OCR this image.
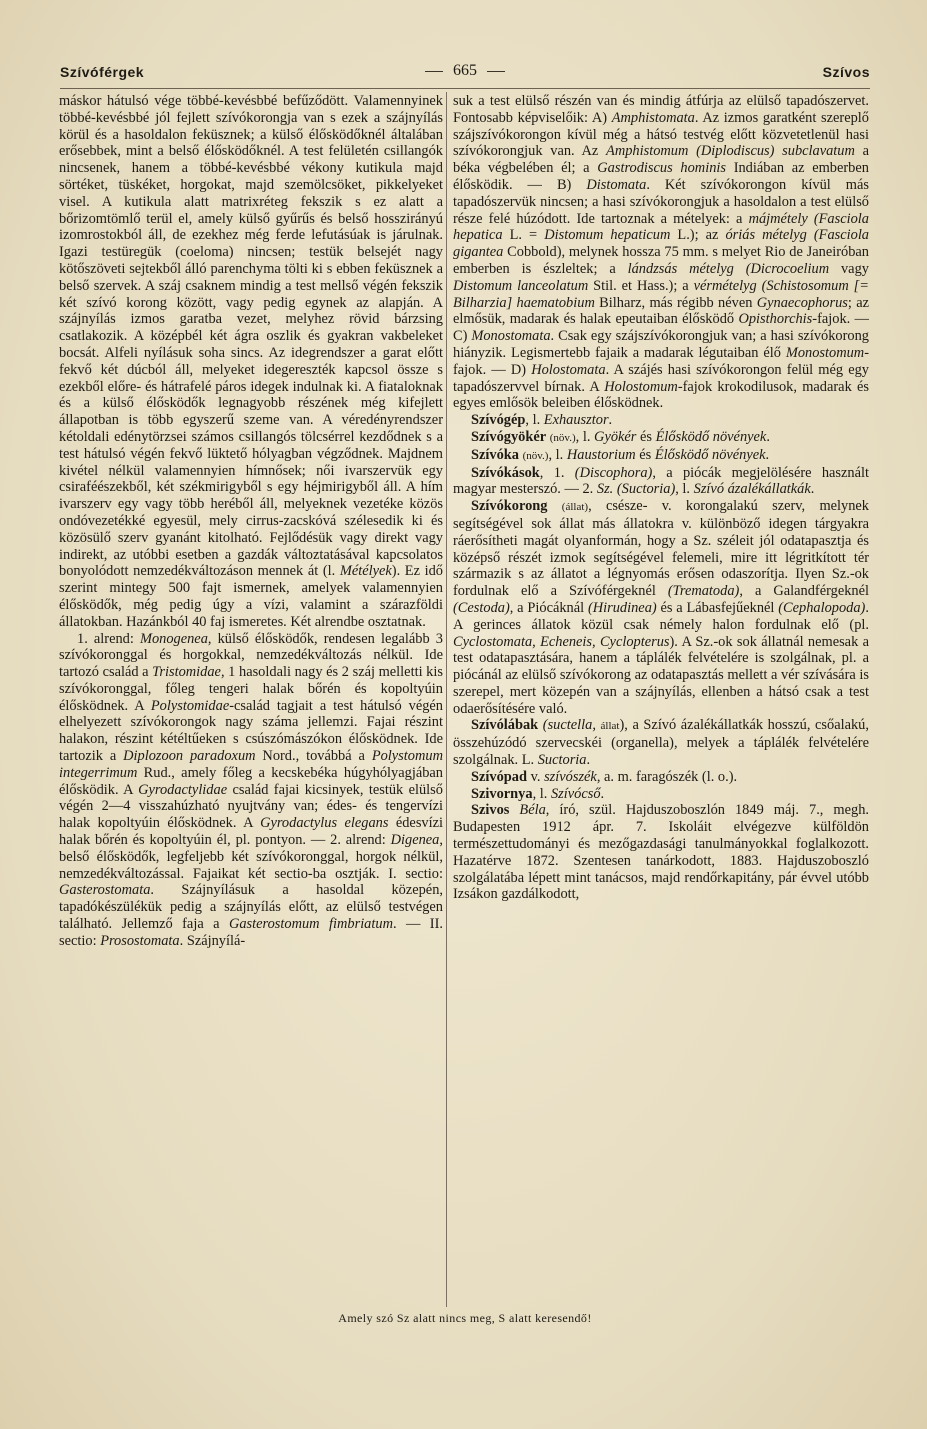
Szívóférgek	665	Szívos

máskor hátulsó vége többé-kevésbbé befűződött. Valamennyinek többé-kevésbbé jól fejlett szívókorongja van s ezek a szájnyílás körül és a hasoldalon feküsznek; a külső élősködőknél általában erősebbek, mint a belső élősködőknél. A test felületén csillangók nincsenek, hanem a többé-kevésbbé vékony kutikula majd sörtéket, tüskéket, horgokat, majd szemölcsöket, pikkelyeket visel. A kutikula alatt matrixréteg fekszik s ez alatt a bőrizomtömlő terül el, amely külső gyűrűs és belső hosszirányú izomrostokból áll, de ezekhez még ferde lefutásúak is járulnak. Igazi testüregük (coeloma) nincsen; testük belsejét nagy kötőszöveti sejtekből álló parenchyma tölti ki s ebben feküsznek a belső szervek. A száj csaknem mindig a test mellső végén fekszik két szívó korong között, vagy pedig egynek az alapján. A szájnyílás izmos garatba vezet, melyhez rövid bárzsing csatlakozik. A középbél két ágra oszlik és gyakran vakbeleket bocsát. Alfeli nyílásuk soha sincs. Az idegrendszer a garat előtt fekvő két dúcból áll, melyeket idegereszték kapcsol össze s ezekből előre- és hátrafelé páros idegek indulnak ki. A fiataloknak és a külső élősködők legnagyobb részének még kifejlett állapotban is több egyszerű szeme van. A véredényrendszer kétoldali edénytörzsei számos csillangós tölcsérrel kezdődnek s a test hátulsó végén fekvő lüktető hólyagban végződnek. Majdnem kivétel nélkül valamennyien hímnősek; női ivarszervük egy csiraféészekből, két székmirigyből s egy héjmirigyből áll. A hím ivarszerv egy vagy több heréből áll, melyeknek vezetéke közös ondóvezetékké egyesül, mely cirrus-zacskóvá szélesedik ki és közösülő szerv gyanánt kitolható. Fejlődésük vagy direkt vagy indirekt, az utóbbi esetben a gazdák változtatásával kapcsolatos bonyolódott nemzedékváltozáson mennek át (l. Métélyek). Ez idő szerint mintegy 500 fajt ismernek, amelyek valamennyien élősködők, még pedig úgy a vízi, valamint a szárazföldi állatokban. Hazánkból 40 faj ismeretes. Két alrendbe osztatnak.

1. alrend: Monogenea, külső élősködők, rendesen legalább 3 szívókoronggal és horgokkal, nemzedékváltozás nélkül. Ide tartozó család a Tristomidae, 1 hasoldali nagy és 2 száj melletti kis szívókoronggal, főleg tengeri halak bőrén és kopoltyúin élősködnek. A Polystomidae-család tagjait a test hátulsó végén elhelyezett szívókorongok nagy száma jellemzi. Fajai részint halakon, részint kétéltűeken s csúszómászókon élősködnek. Ide tartozik a Diplozoon paradoxum Nord., továbbá a Polystomum integerrimum Rud., amely főleg a kecskebéka húgyhólyagjában élősködik. A Gyrodactylidae család fajai kicsinyek, testük elülső végén 2—4 visszahúzható nyujtvány van; édes- és tengervízi halak kopoltyúin élősködnek. A Gyrodactylus elegans édesvízi halak bőrén és kopoltyúin él, pl. pontyon. — 2. alrend: Digenea, belső élősködők, legfeljebb két szívókoronggal, horgok nélkül, nemzedékváltozással. Fajaikat két sectio-ba osztják. I. sectio: Gasterostomata. Szájnyílásuk a hasoldal közepén, tapadókészülékük pedig a szájnyílás előtt, az elülső testvégen található. Jellemző faja a Gasterostomum fimbriatum. — II. sectio: Prosostomata. Szájnyílá-

suk a test elülső részén van és mindig átfúrja az elülső tapadószervet. Fontosabb képviselőik: A) Amphistomata. Az izmos garatként szereplő szájszívókorongon kívül még a hátsó testvég előtt közvetetlenül hasi szívókorongjuk van. Az Amphistomum (Diplodiscus) subclavatum a béka végbelében él; a Gastrodiscus hominis Indiában az emberben élősködik. — B) Distomata. Két szívókorongon kívül más tapadószervük nincsen; a hasi szívókorongjuk a hasoldalon a test elülső része felé húzódott. Ide tartoznak a mételyek: a májmétely (Fasciola hepatica L. = Distomum hepaticum L.); az óriás mételyg (Fasciola gigantea Cobbold), melynek hossza 75 mm. s melyet Rio de Janeiróban emberben is észleltek; a lándzsás mételyg (Dicrocoelium vagy Distomum lanceolatum Stil. et Hass.); a vérmételyg (Schistosomum [= Bilharzia] haematobium Bilharz, más régibb néven Gynaecophorus; az elmősük, madarak és halak epeutaiban élősködő Opisthorchis-fajok. — C) Monostomata. Csak egy szájszívókorongjuk van; a hasi szívókorong hiányzik. Legismertebb fajaik a madarak légutaiban élő Monostomum-fajok. — D) Holostomata. A szájés hasi szívókorongon felül még egy tapadószervvel bírnak. A Holostomum-fajok krokodilusok, madarak és egyes emlősök beleiben élősködnek.

Szívógép, l. Exhausztor.

Szívógyökér (növ.), l. Gyökér és Élősködő növények.

Szívóka (növ.), l. Haustorium és Élősködő növények.

Szívókások, 1. (Discophora), a piócák megjelölésére használt magyar mesterszó. — 2. Sz. (Suctoria), l. Szívó ázalékállatkák.

Szívókorong (állat), csésze- v. korongalakú szerv, melynek segítségével sok állat más állatokra v. különböző idegen tárgyakra ráerősítheti magát olyanformán, hogy a Sz. széleit jól odatapasztja és középső részét izmok segítségével felemeli, mire itt légritkított tér származik s az állatot a légnyomás erősen odaszorítja. Ilyen Sz.-ok fordulnak elő a Szívóférgeknél (Trematoda), a Galandférgeknél (Cestoda), a Piócáknál (Hirudinea) és a Lábasfejűeknél (Cephalopoda). A gerinces állatok közül csak némely halon fordulnak elő (pl. Cyclostomata, Echeneis, Cyclopterus). A Sz.-ok sok állatnál nemesak a test odatapasztására, hanem a táplálék felvételére is szolgálnak, pl. a piócánál az elülső szívókorong az odatapasztás mellett a vér szívására is szerepel, mert közepén van a szájnyílás, ellenben a hátsó csak a test odaerősítésére való.

Szívólábak (suctella, állat), a Szívó ázalékállatkák hosszú, csőalakú, összehúzódó szervecskéi (organella), melyek a táplálék felvételére szolgálnak. L. Suctoria.

Szívópad v. szívószék, a. m. faragószék (l. o.).

Szivornya, l. Szívócső.

Szivos Béla, író, szül. Hajduszoboszlón 1849 máj. 7., megh. Budapesten 1912 ápr. 7. Iskoláit elvégezve külföldön természettudományi és mezőgazdasági tanulmányokkal foglalkozott. Hazatérve 1872. Szentesen tanárkodott, 1883. Hajduszoboszló szolgálatába lépett mint tanácsos, majd rendőrkapitány, pár évvel utóbb Izsákon gazdálkodott,

Amely szó Sz alatt nincs meg, S alatt keresendő!
